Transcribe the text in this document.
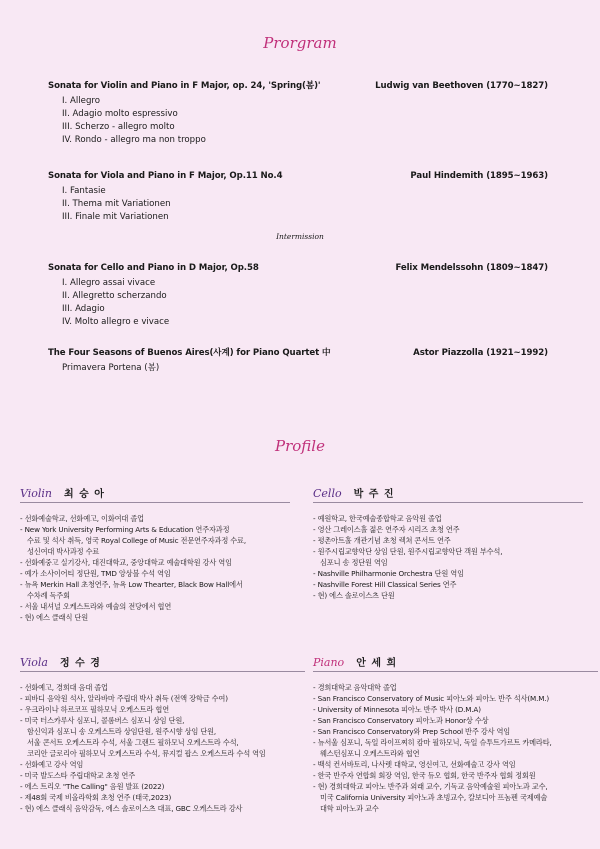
Prorgram
Sonata for Violin and Piano in F Major, op. 24, 'Spring(봄)'	Ludwig van Beethoven (1770~1827)
I. Allegro
II. Adagio molto espressivo
III. Scherzo - allegro molto
IV. Rondo - allegro ma non troppo
Sonata for Viola and Piano in F Major, Op.11 No.4	Paul Hindemith (1895~1963)
I. Fantasie
II. Thema mit Variationen
III. Finale mit Variationen
Intermission
Sonata for Cello and Piano in D Major, Op.58	Felix Mendelssohn (1809~1847)
I. Allegro assai vivace
II. Allegretto scherzando
III. Adagio
IV. Molto allegro e vivace
The Four Seasons of Buenos Aires(사계) for Piano Quartet 中	Astor Piazzolla (1921~1992)
Primavera Portena (봄)
Profile
Violin 최 승 아
- 선화예술학교, 선화예고, 이화여대 졸업
- New York University Performing Arts & Education 연주자과정
수료 및 석사 취득, 영국 Royal College of Music 전문연주자과정 수료,
성신여대 박사과정 수료
- 선화예중고 실기강사, 대진대학교, 중앙대학교 예술대학원 강사 역임
- 예가 소사이어티 정단원, TMD 앙상블 수석 역임
- 뉴욕 Merkin Hall 초청연주, 뉴욕 Low Thearter, Black Bow Hall에서
수차례 독주회
- 서울 내셔널 오케스트라와 예술의 전당에서 협연
- 현) 에스 클래식 단원
Cello 박 주 진
- 예원학교, 한국예술종합학교 음악원 졸업
- 영산 그레이스홀 젊은 연주자 시리즈 초청 연주
- 평촌아트홀 개관기념 초청 렉쳐 콘서트 연주
- 원주시립교향악단 상임 단원, 원주시립교향악단 객원 부수석,
심포니 송 정단원 역임
- Nashville Philharmonie Orchestra 단원 역임
- Nashville Forest Hill Classical Series 연주
- 현) 에스 솔로이스츠 단원
Viola 정 수 경
- 선화예고, 경희대 음대 졸업
- 피바디 음악원 석사, 알라바마 주립대 박사 취득 (전액 장학금 수여)
- 우크라이나 하르코프 필하모닉 오케스트라 협연
- 미국 터스카루사 심포니, 콜롬버스 심포니 상임 단원,
함신익과 심포니 송 오케스트라 상임단원, 원주시향 상임 단원,
서울 콘서트 오케스트라 수석, 서울 그랜드 필하모닉 오케스트라 수석,
코리안 글로리아 필하모닉 오케스트라 수석, 뮤지컬 팝스 오케스트라 수석 역임
- 선화예고 강사 역임
- 미국 발도스타 주립대학교 초청 연주
- 에스 트리오 "The Calling" 음원 발표 (2022)
- 제48회 국제 비올라학회 초청 연주 (태국,2023)
- 현) 에스 클래식 음악감독, 에스 솔로이스츠 대표, GBC 오케스트라 강사
Piano 안 세 희
- 경희대학교 음악대학 졸업
- San Francisco Conservatory of Music 피아노와 피아노 반주 석사(M.M.)
- University of Minnesota 피아노 반주 박사 (D.M.A)
- San Francisco Conservatory 피아노과 Honor상 수상
- San Francisco Conservatory와 Prep School 반주 강사 역임
- 뉴서울 심포니, 독일 라이프찌히 캄마 필하모닉, 독일 슈투트가르트 카메라타,
웨스턴심포니 오케스트라와 협연
- 백석 컨서바토리, 나사렛 대학교, 영신여고, 선화예술고 강사 역임
- 한국 반주자 연합회 회장 역임, 한국 듀오 협회, 한국 반주자 협회 정회원
- 현) 경희대학교 피아노 반주과 외래 교수, 기독교 음악예술원 피아노과 교수,
미국 California University 피아노과 초빙교수, 칼보디아 프놈펜 국제예술
대학 피아노과 교수
